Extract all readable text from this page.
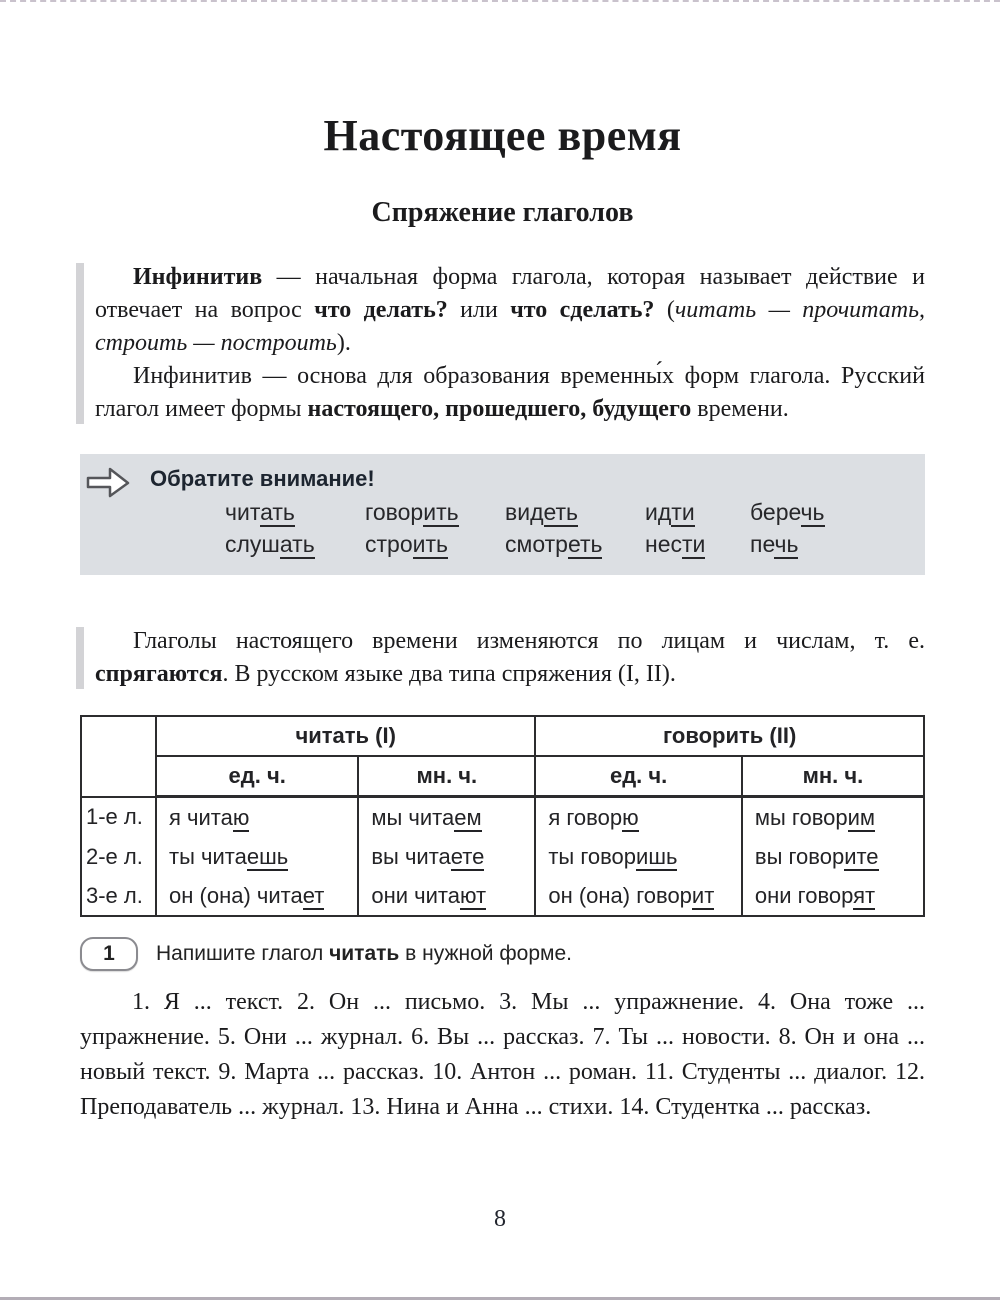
Настоящее время
Спряжение глаголов

Инфинитив — начальная форма глагола, которая называет действие и отвечает на вопрос что делать? или что сделать? (читать — прочитать, строить — построить).

Инфинитив — основа для образования временны́х форм глагола. Русский глагол имеет формы настоящего, прошедшего, будущего времени.

Обратите внимание!
читать	говорить	видеть	идти	беречь
слушать	строить	смотреть	нести	печь

Глаголы настоящего времени изменяются по лицам и числам, т. е. спрягаются. В русском языке два типа спряжения (I, II).

	читать (I)		говорить (II)	
	ед. ч.	мн. ч.	ед. ч.	мн. ч.
1-е л.	я читаю	мы читаем	я говорю	мы говорим
2-е л.	ты читаешь	вы читаете	ты говоришь	вы говорите
3-е л.	он (она) читает	они читают	он (она) говорит	они говорят
1	Напишите глагол читать в нужной форме.

1. Я ... текст. 2. Он ... письмо. 3. Мы ... упражнение. 4. Она тоже ... упражнение. 5. Они ... журнал. 6. Вы ... рассказ. 7. Ты ... новости. 8. Он и она ... новый текст. 9. Марта ... рассказ. 10. Антон ... роман. 11. Студенты ... диалог. 12. Преподаватель ... журнал. 13. Нина и Анна ... стихи. 14. Студентка ... рассказ.

8
